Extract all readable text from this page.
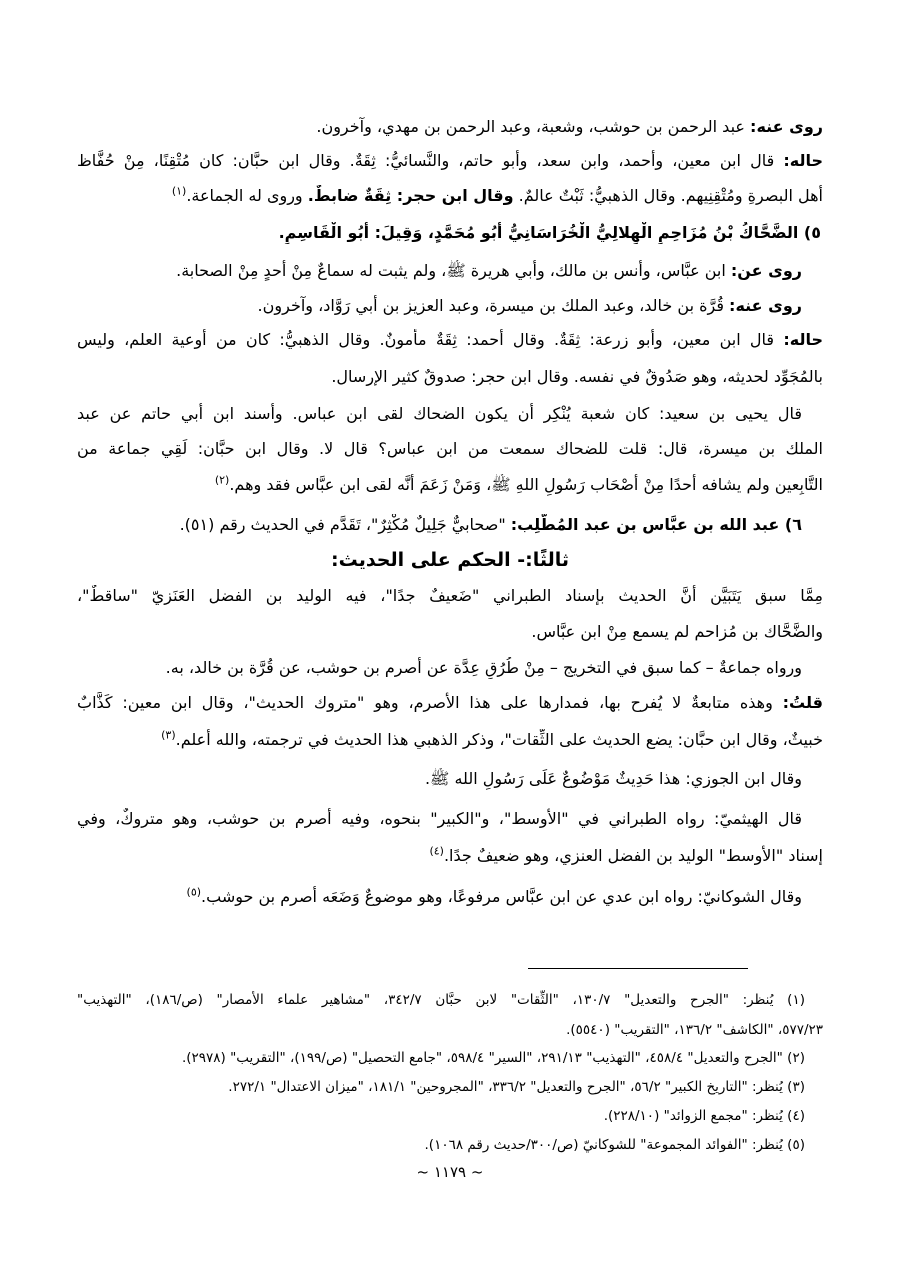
روى عنه: عبد الرحمن بن حوشب، وشعبة، وعبد الرحمن بن مهدي، وآخرون.
حاله: قال ابن معين، وأحمد، وابن سعد، وأبو حاتم، والنَّسائيُّ: ثِقَةٌ. وقال ابن حبَّان: كان مُتْقِنًا، مِنْ حُفَّاظ
أهل البصرةِ ومُتْقِنِيهم. وقال الذهبيُّ: ثَبْتٌ عالمٌ. وقال ابن حجر: ثِقَةٌ ضابطٌ. وروى له الجماعة.$^{(١)}$
٥) الضَّحَّاكُ بْنُ مُزَاحِمِ الْهِلالِيُّ الْخُرَاسَانِيُّ أَبُو مُحَمَّدٍ، وَقِيلَ: أَبُو الْقَاسِمِ.
روى عن: ابن عبَّاس، وأنس بن مالك، وأبي هريرة ﷺ، ولم يثبت له سماعٌ مِنْ أحدٍ مِنْ الصحابة.
روى عنه: قُرَّة بن خالد، وعبد الملك بن ميسرة، وعبد العزيز بن أبي رَوَّاد، وآخرون.
حاله: قال ابن معين، وأبو زرعة: ثِقَةٌ. وقال أحمد: ثِقَةٌ مأمونٌ. وقال الذهبيُّ: كان من أوعية العلم، وليس
بالمُجَوِّد لحديثه، وهو صَدُوقٌ في نفسه. وقال ابن حجر: صدوقٌ كثير الإرسال.
قال يحيى بن سعيد: كان شعبة يُنْكِر أن يكون الضحاك لقى ابن عباس. وأسند ابن أبي حاتم عن عبد
الملك بن ميسرة، قال: قلت للضحاك سمعت من ابن عباس؟ قال لا. وقال ابن حبَّان: لَقِي جماعة من
التَّابِعين ولم يشافه أحدًا مِنْ أَصْحَاب رَسُولِ اللهِ ﷺ، وَمَنْ زَعَمَ أَنَّه لقى ابن عبَّاس فقد وهم.$^{(٢)}$
٦) عبد الله بن عبَّاس بن عبد المُطَّلِب: "صحابيٌّ جَلِيلٌ مُكْثِرٌ"، تَقَدَّم في الحديث رقم (٥١).
ثالثًا:- الحكم على الحديث:
مِمَّا سبق يَتَبَيَّن أَنَّ الحديث بإسناد الطبراني "ضَعيفٌ جدًا"، فيه الوليد بن الفضل العَنَزيّ "ساقطٌ"،
والضَّحَّاك بن مُزاحم لم يسمع مِنْ ابن عبَّاس.
ورواه جماعةٌ – كما سبق في التخريج – مِنْ طُرُقٍ عِدَّة عن أصرم بن حوشب، عن قُرَّة بن خالد، به.
قلتُ: وهذه متابعةٌ لا يُفرح بها، فمدارها على هذا الأصرم، وهو "متروك الحديث"، وقال ابن معين: كَذَّابٌ
خبيثٌ، وقال ابن حبَّان: يضع الحديث على الثِّقات"، وذكر الذهبي هذا الحديث في ترجمته، والله أعلم.$^{(٣)}$
وقال ابن الجوزي: هذا حَدِيثٌ مَوْضُوعٌ عَلَى رَسُولِ الله ﷺ.
قال الهيثميّ: رواه الطبراني في "الأوسط"، و"الكبير" بنحوه، وفيه أصرم بن حوشب، وهو متروكٌ، وفي
إسناد "الأوسط" الوليد بن الفضل العنزي، وهو ضعيفٌ جدًا.$^{(٤)}$
وقال الشوكانيّ: رواه ابن عدي عن ابن عبَّاس مرفوعًا، وهو موضوعٌ وَضَعَه أصرم بن حوشب.$^{(٥)}$
(١) يُنظر: "الجرح والتعديل" ١٣٠/٧، "الثِّقات" لابن حبَّان ٣٤٢/٧، "مشاهير علماء الأمصار" (ص/١٨٦)، "التهذيب"
٥٧٧/٢٣، "الكاشف" ١٣٦/٢، "التقريب" (٥٥٤٠).
(٢) "الجرح والتعديل" ٤٥٨/٤، "التهذيب" ٢٩١/١٣، "السير" ٥٩٨/٤، "جامع التحصيل" (ص/١٩٩)، "التقريب" (٢٩٧٨).
(٣) يُنظر: "التاريخ الكبير" ٥٦/٢، "الجرح والتعديل" ٣٣٦/٢، "المجروحين" ١٨١/١، "ميزان الاعتدال" ٢٧٢/١.
(٤) يُنظر: "مجمع الزوائد" (٢٢٨/١٠).
(٥) يُنظر: "الفوائد المجموعة" للشوكانيّ (ص/٣٠٠/حديث رقم ١٠٦٨).
~ ١١٧٩ ~
